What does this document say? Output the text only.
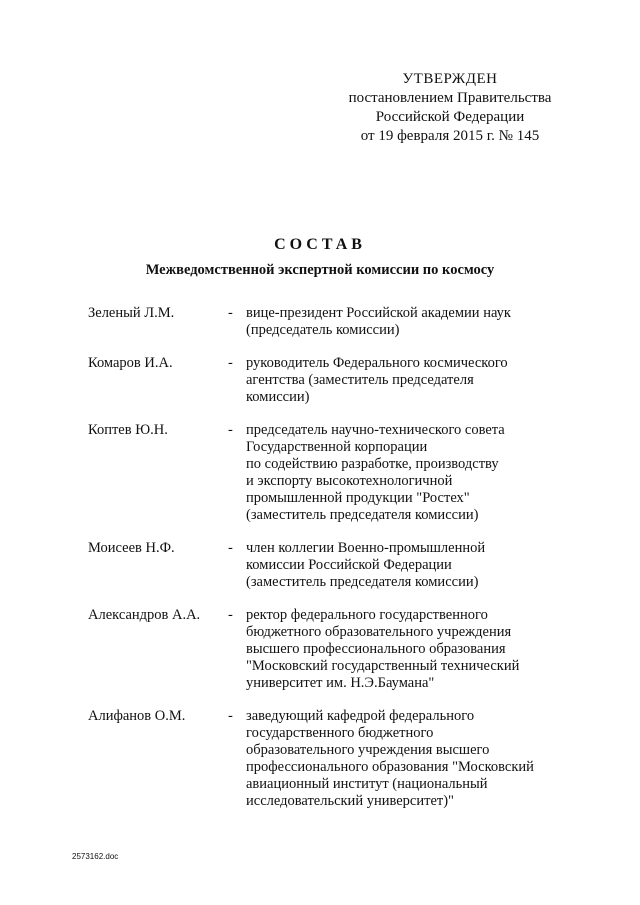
УТВЕРЖДЕН
постановлением Правительства
Российской Федерации
от 19 февраля 2015 г. № 145
СОСТАВ
Межведомственной экспертной комиссии по космосу
Зеленый Л.М.	- вице-президент Российской академии наук
(председатель комиссии)
Комаров И.А.	- руководитель Федерального космического
агентства (заместитель председателя
комиссии)
Коптев Ю.Н.	- председатель научно-технического совета
Государственной корпорации
по содействию разработке, производству
и экспорту высокотехнологичной
промышленной продукции "Ростех"
(заместитель председателя комиссии)
Моисеев Н.Ф.	- член коллегии Военно-промышленной
комиссии Российской Федерации
(заместитель председателя комиссии)
Александров А.А.	- ректор федерального государственного
бюджетного образовательного учреждения
высшего профессионального образования
"Московский государственный технический
университет им. Н.Э.Баумана"
Алифанов О.М.	- заведующий кафедрой федерального
государственного бюджетного
образовательного учреждения высшего
профессионального образования "Московский
авиационный институт (национальный
исследовательский университет)"
2573162.doc
